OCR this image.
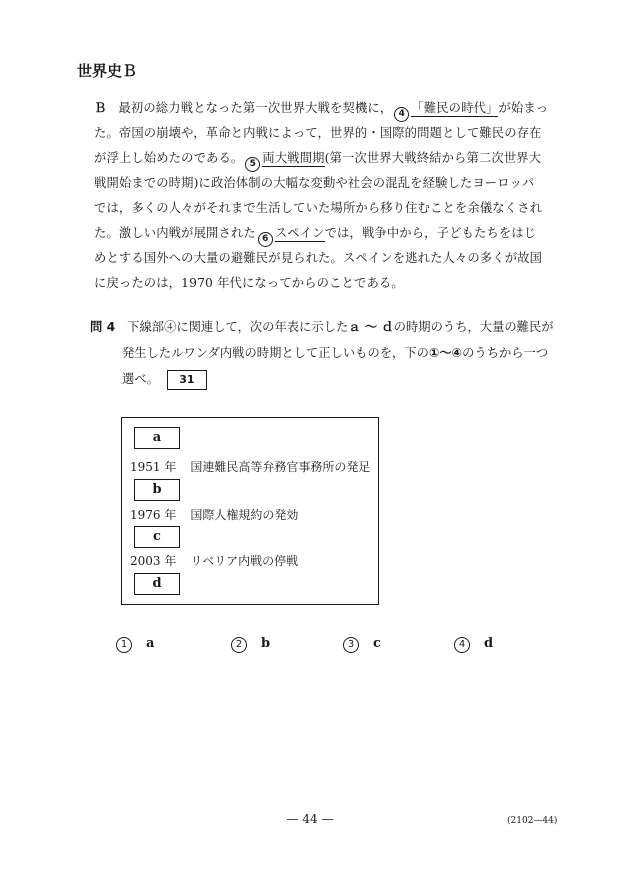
世界史Ｂ
Ｂ 最初の総力戦となった第一次世界大戦を契機に， 4 「難民の時代」が始まっ
た。帝国の崩壊や，革命と内戦によって，世界的・国際的問題として難民の存在
が浮上し始めたのである。 5 両大戦間期(第一次世界大戦終結から第二次世界大
戦開始までの時期)に政治体制の大幅な変動や社会の混乱を経験したヨーロッパ
では，多くの人々がそれまで生活していた場所から移り住むことを余儀なくされ
た。激しい内戦が展開された 6 スペインでは，戦争中から，子どもたちをはじ
めとする国外への大量の避難民が見られた。スペインを逃れた人々の多くが故国
に戻ったのは，1970 年代になってからのことである。
問 4 下線部④に関連して，次の年表に示したａ ～ ｄの時期のうち，大量の難民が
発生したルワンダ内戦の時期として正しいものを，下の①～④のうちから一つ
選べ。 31
a
1951 年 国連難民高等弁務官事務所の発足
b
1976 年 国際人権規約の発効
c
2003 年 リベリア内戦の停戦
d
1 a	2 b	3 c	4 d
— 44 —	(2102—44)
